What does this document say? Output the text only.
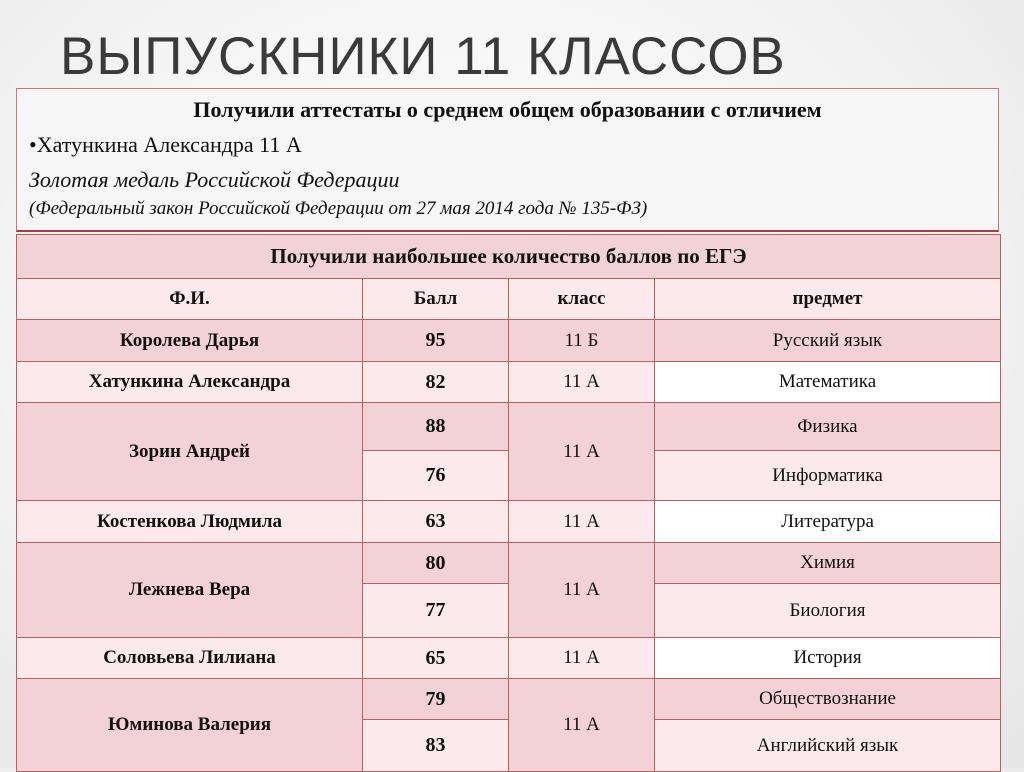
ВЫПУСКНИКИ 11 КЛАССОВ
Получили аттестаты о среднем общем образовании с отличием
•Хатункина Александра 11 А
Золотая медаль Российской Федерации
(Федеральный закон Российской Федерации от 27 мая 2014 года № 135-ФЗ)
Получили наибольшее количество баллов по ЕГЭ			
Ф.И.	Балл	класс	предмет
Королева Дарья	95	11 Б	Русский язык
Хатункина Александра	82	11 А	Математика
Зорин Андрей	88	11 А	Физика
	76		Информатика
Костенкова Людмила	63	11 А	Литература
Лежнева Вера	80	11 А	Химия
	77		Биология
Соловьева Лилиана	65	11 А	История
Юминова Валерия	79	11 А	Обществознание
	83		Английский язык
